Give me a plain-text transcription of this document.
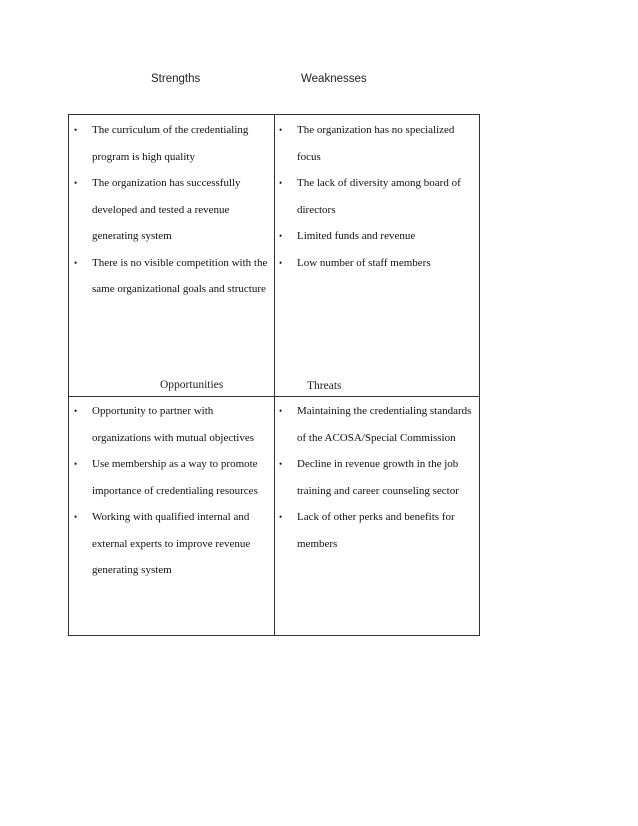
Strengths	Weaknesses
Opportunities	Threats
• The curriculum of the credentialing program is high quality
• The organization has successfully developed and tested a revenue generating system
• There is no visible competition with the same organizational goals and structure
• The organization has no specialized focus
• The lack of diversity among board of directors
• Limited funds and revenue
• Low number of staff members
• Opportunity to partner with organizations with mutual objectives
• Use membership as a way to promote importance of credentialing resources
• Working with qualified internal and external experts to improve revenue generating system
• Maintaining the credentialing standards of the ACOSA/Special Commission
• Decline in revenue growth in the job training and career counseling sector
• Lack of other perks and benefits for members
